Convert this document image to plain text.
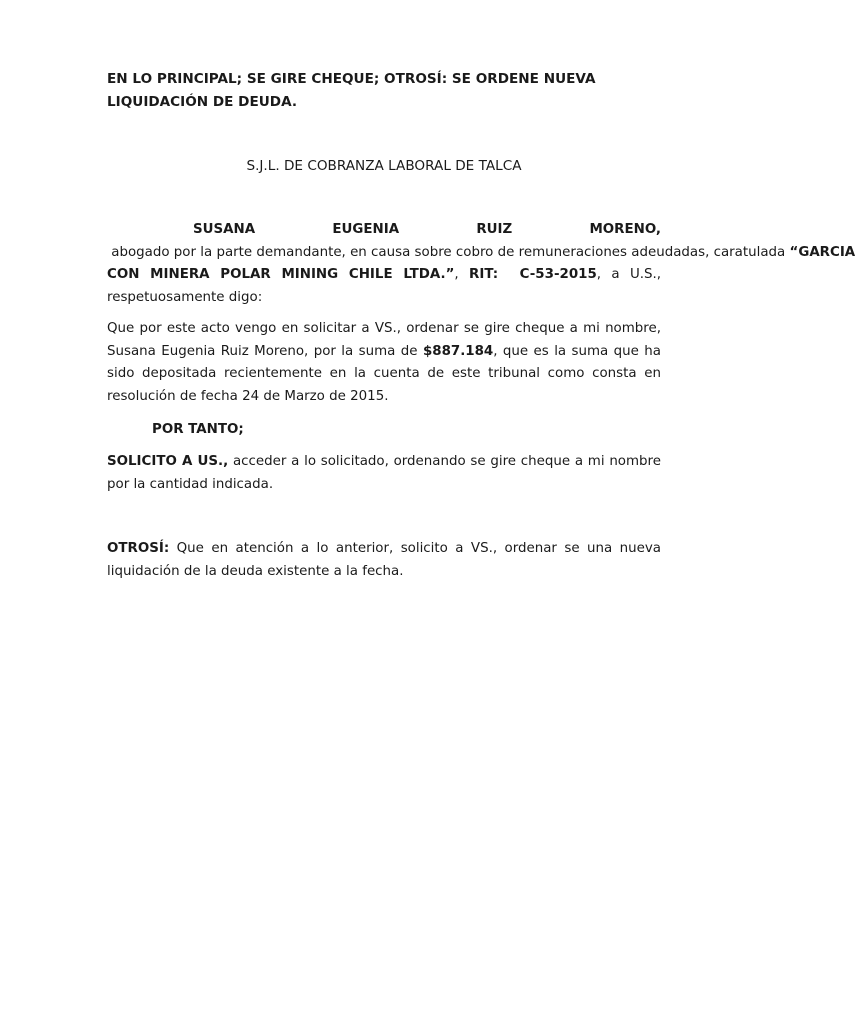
EN LO PRINCIPAL; SE GIRE CHEQUE; OTROSÍ: SE ORDENE NUEVA
LIQUIDACIÓN DE DEUDA.

S.J.L. DE COBRANZA LABORAL DE TALCA

SUSANA EUGENIA RUIZ MORENO, abogado por la parte demandante, en causa sobre cobro de remuneraciones adeudadas, caratulada “GARCIA CON MINERA POLAR MINING CHILE LTDA.”, RIT:  C-53-2015, a U.S., respetuosamente digo:

Que por este acto vengo en solicitar a VS., ordenar se gire cheque a mi nombre, Susana Eugenia Ruiz Moreno, por la suma de $887.184, que es la suma que ha sido depositada recientemente en la cuenta de este tribunal como consta en resolución de fecha 24 de Marzo de 2015.

POR TANTO;

SOLICITO A US., acceder a lo solicitado, ordenando se gire cheque a mi nombre por la cantidad indicada.

OTROSÍ: Que en atención a lo anterior, solicito a VS., ordenar se una nueva liquidación de la deuda existente a la fecha.
